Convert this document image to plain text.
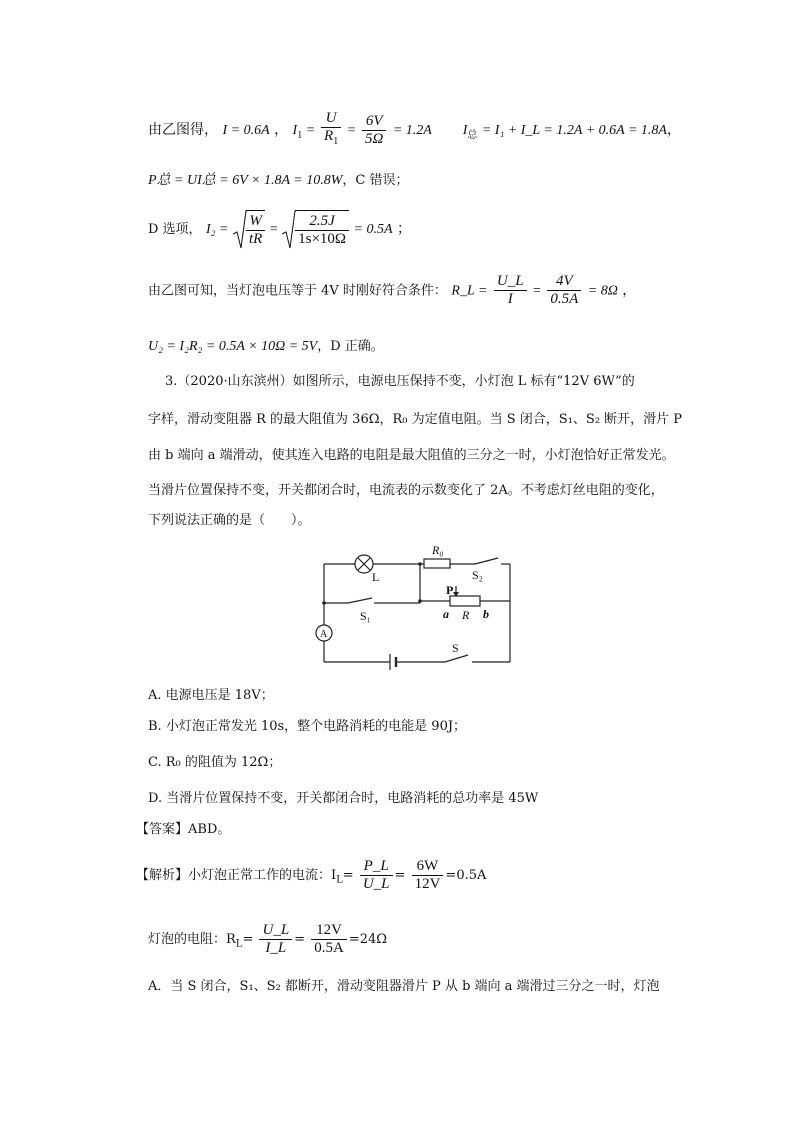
由乙图得， I = 0.6A ， $I_1 = \frac{U}{R_1} = \frac{6V}{5\Omega} = 1.2A$ $I_总 = I_1$ + I_L = 1.2A + 0.6A = 1.8A，
P总 = UI总 = 6V × 1.8A = 10.8W，C 错误；
D 选项， $I_2 = \frac{W}{tR} = \frac{2.5J}{1s\times 10\Omega} = 0.5A$ ；
由乙图可知，当灯泡电压等于 4V 时刚好符合条件： R_L = $\frac{U\_L}{I} = \frac{4V}{0.5A} = 8\Omega$ ，
U₂ = I₂R₂ = 0.5A × 10Ω = 5V，D 正确。
3.（2020·山东滨州）如图所示，电源电压保持不变，小灯泡 L 标有“12V 6W”的
字样，滑动变阻器 R 的最大阻值为 36Ω，R₀ 为定值电阻。当 S 闭合，S₁、S₂ 断开，滑片 P
由 b 端向 a 端滑动，使其连入电路的电阻是最大阻值的三分之一时，小灯泡恰好正常发光。
当滑片位置保持不变，开关都闭合时，电流表的示数变化了 2A。不考虑灯丝电阻的变化，
下列说法正确的是（　　）。
L
R₀
S₂
S₁
P
a R b
A
S
A. 电源电压是 18V；
B. 小灯泡正常发光 10s，整个电路消耗的电能是 90J；
C. R₀ 的阻值为 12Ω；
D. 当滑片位置保持不变，开关都闭合时，电路消耗的总功率是 45W
【答案】ABD。
【解析】小灯泡正常工作的电流：$I_L= \frac{P\_L}{U\_L} = \frac{6W}{12V} =0.5A$
灯泡的电阻：$R_L= \frac{U\_L}{I\_L} = \frac{12V}{0.5A} =24\Omega$
A．当 S 闭合，S₁、S₂ 都断开，滑动变阻器滑片 P 从 b 端向 a 端滑过三分之一时，灯泡
